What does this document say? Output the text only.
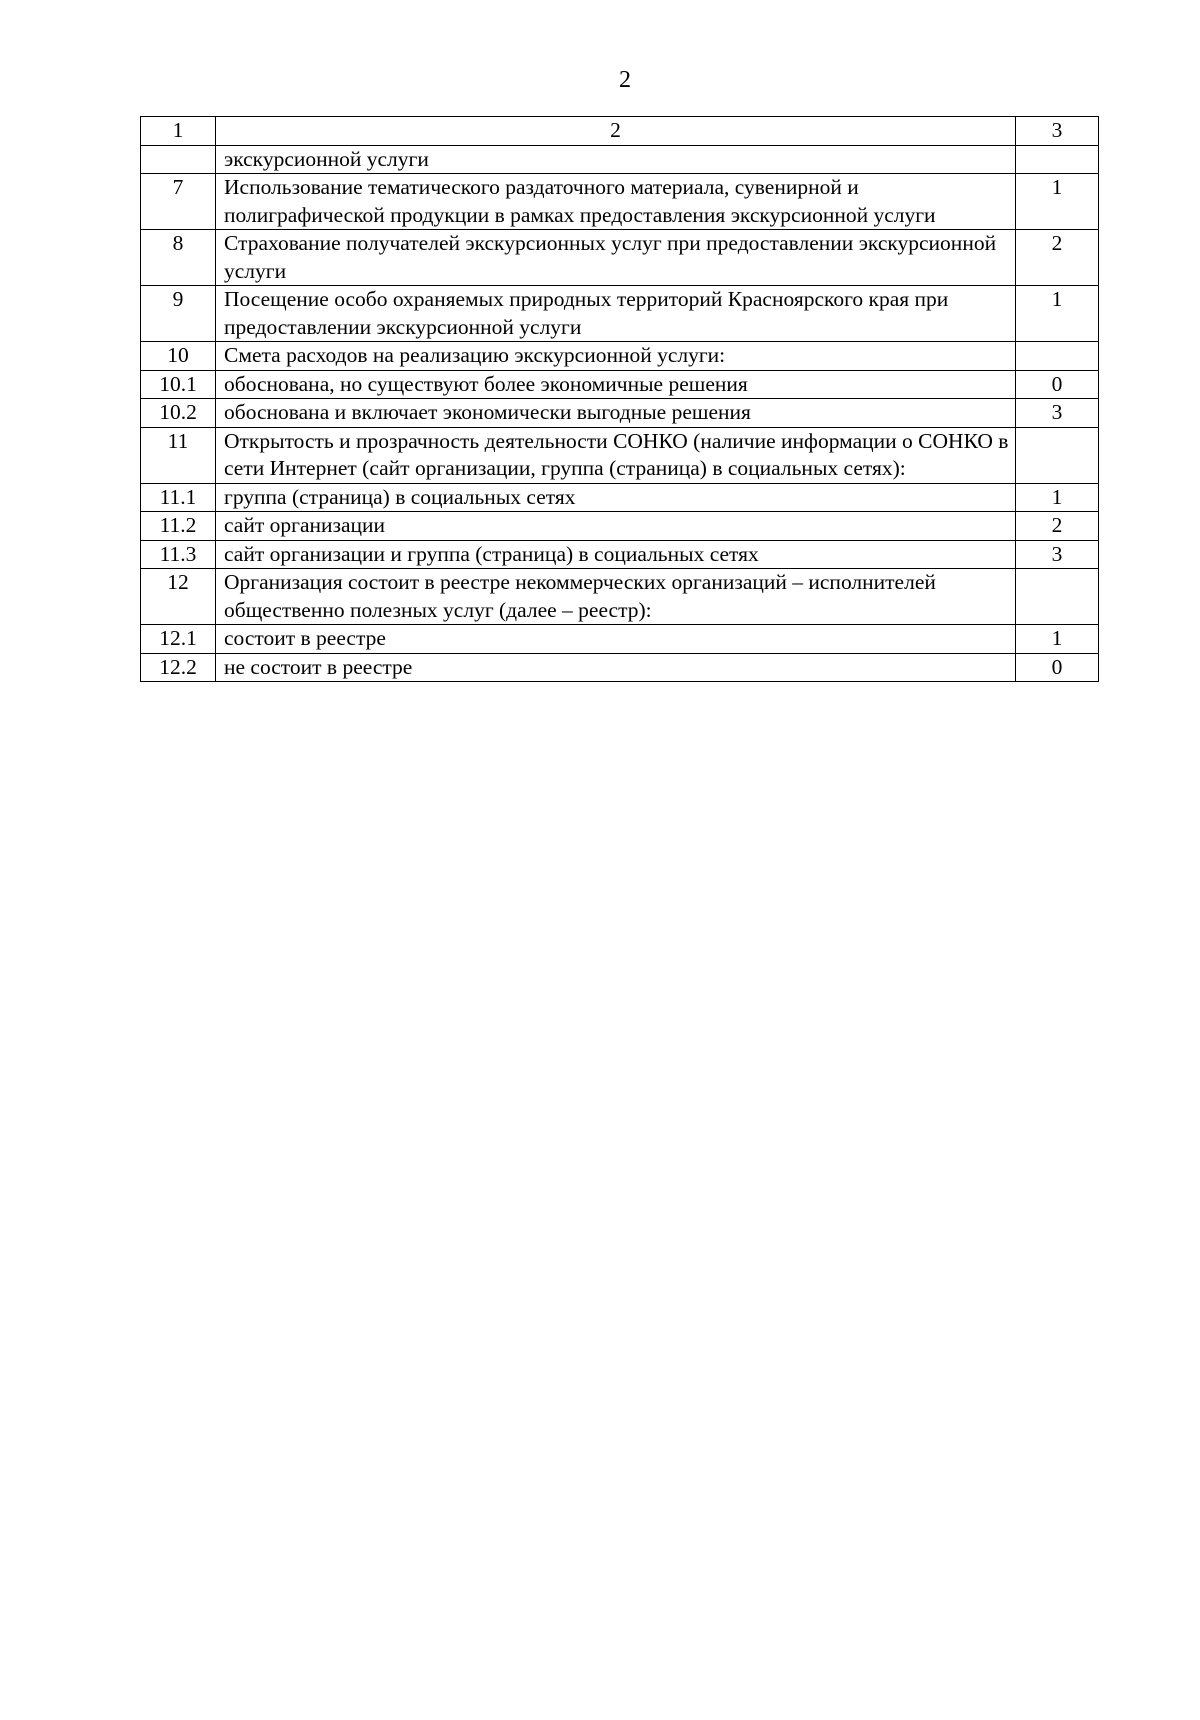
2
1	2	3
	экскурсионной услуги	
7	Использование тематического раздаточного материала, сувенирной и полиграфической продукции в рамках предоставления экскурсионной услуги	1
8	Страхование получателей экскурсионных услуг при предоставлении экскурсионной услуги	2
9	Посещение особо охраняемых природных территорий Красноярского края при предоставлении экскурсионной услуги	1
10	Смета расходов на реализацию экскурсионной услуги:	
10.1	обоснована, но существуют более экономичные решения	0
10.2	обоснована и включает экономически выгодные решения	3
11	Открытость и прозрачность деятельности СОНКО (наличие информации о СОНКО в сети Интернет (сайт организации, группа (страница) в социальных сетях):	
11.1	группа (страница) в социальных сетях	1
11.2	сайт организации	2
11.3	сайт организации и группа (страница) в социальных сетях	3
12	Организация состоит в реестре некоммерческих организаций – исполнителей общественно полезных услуг (далее – реестр):	
12.1	состоит в реестре	1
12.2	не состоит в реестре	0
